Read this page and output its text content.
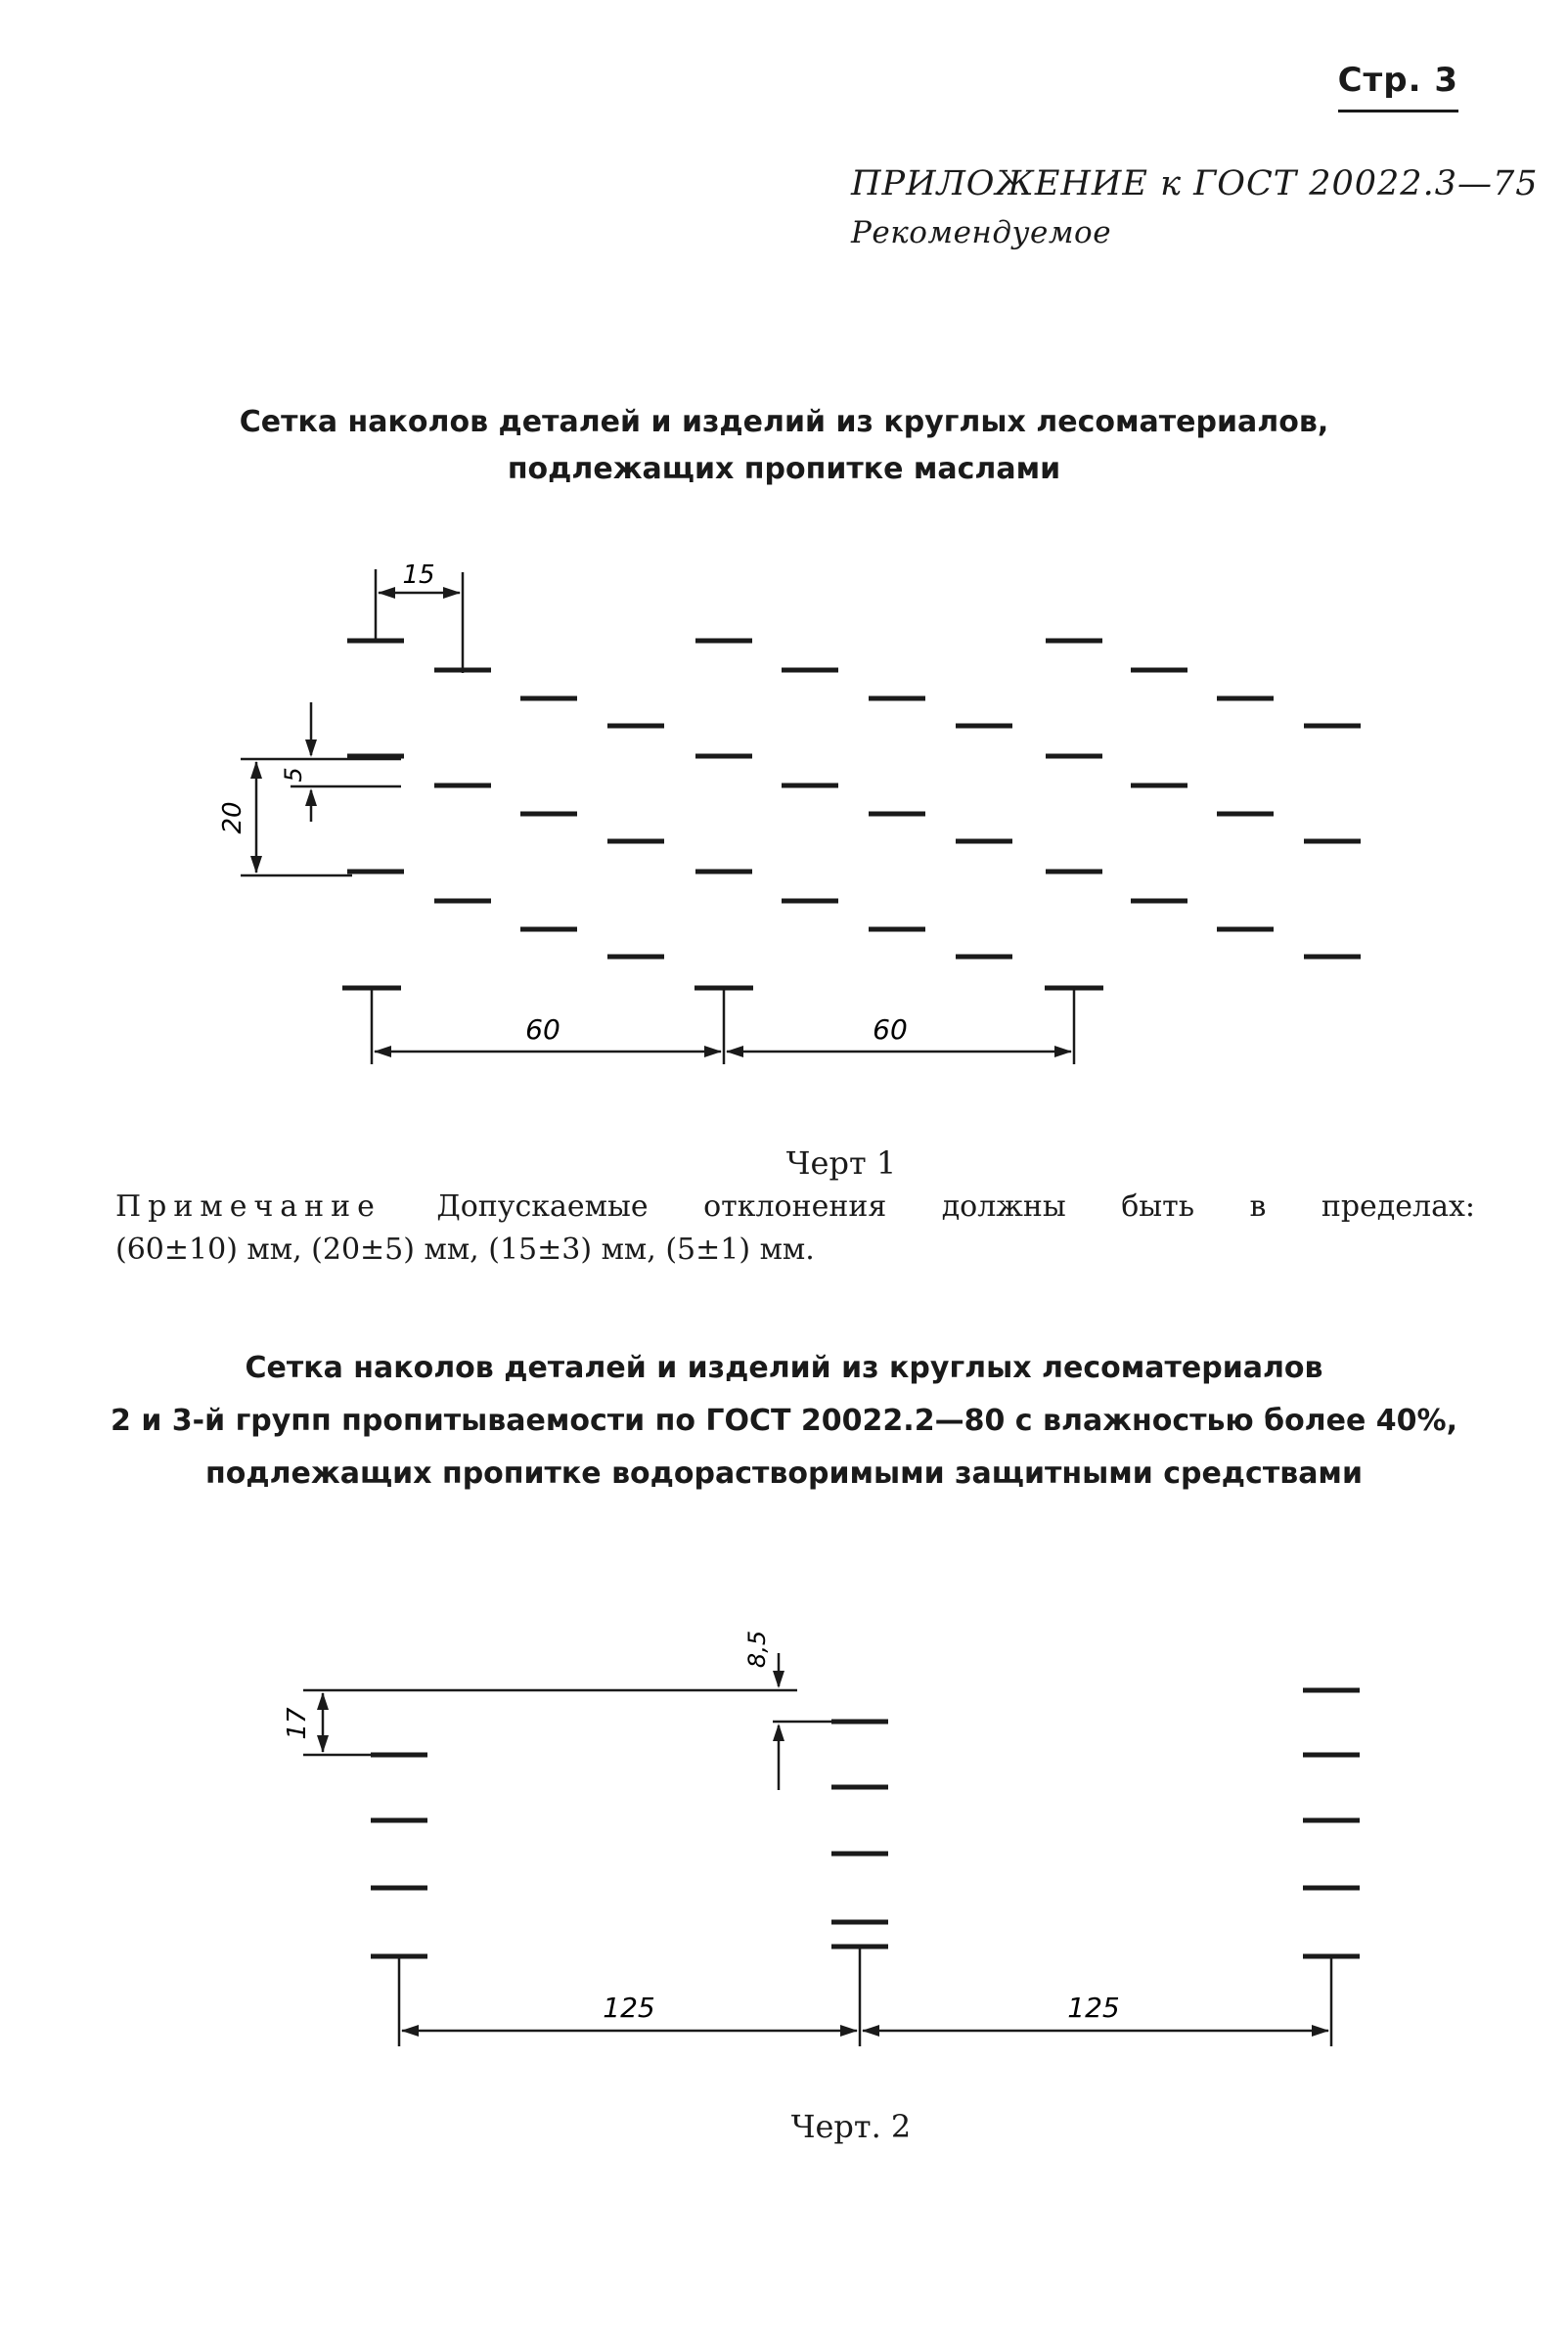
Стр. 3
ПРИЛОЖЕНИЕ к ГОСТ 20022.3—75
Рекомендуемое
Сетка наколов деталей и изделий из круглых лесоматериалов,
подлежащих пропитке маслами
15
20
5
60	60
Черт 1
Примечание Допускаемые отклонения должны быть в пределах:
(60±10) мм, (20±5) мм, (15±3) мм, (5±1) мм.
Сетка наколов деталей и изделий из круглых лесоматериалов
2 и 3-й групп пропитываемости по ГОСТ 20022.2—80 с влажностью более 40%,
подлежащих пропитке водорастворимыми защитными средствами
8,5
17
125	125
Черт. 2
